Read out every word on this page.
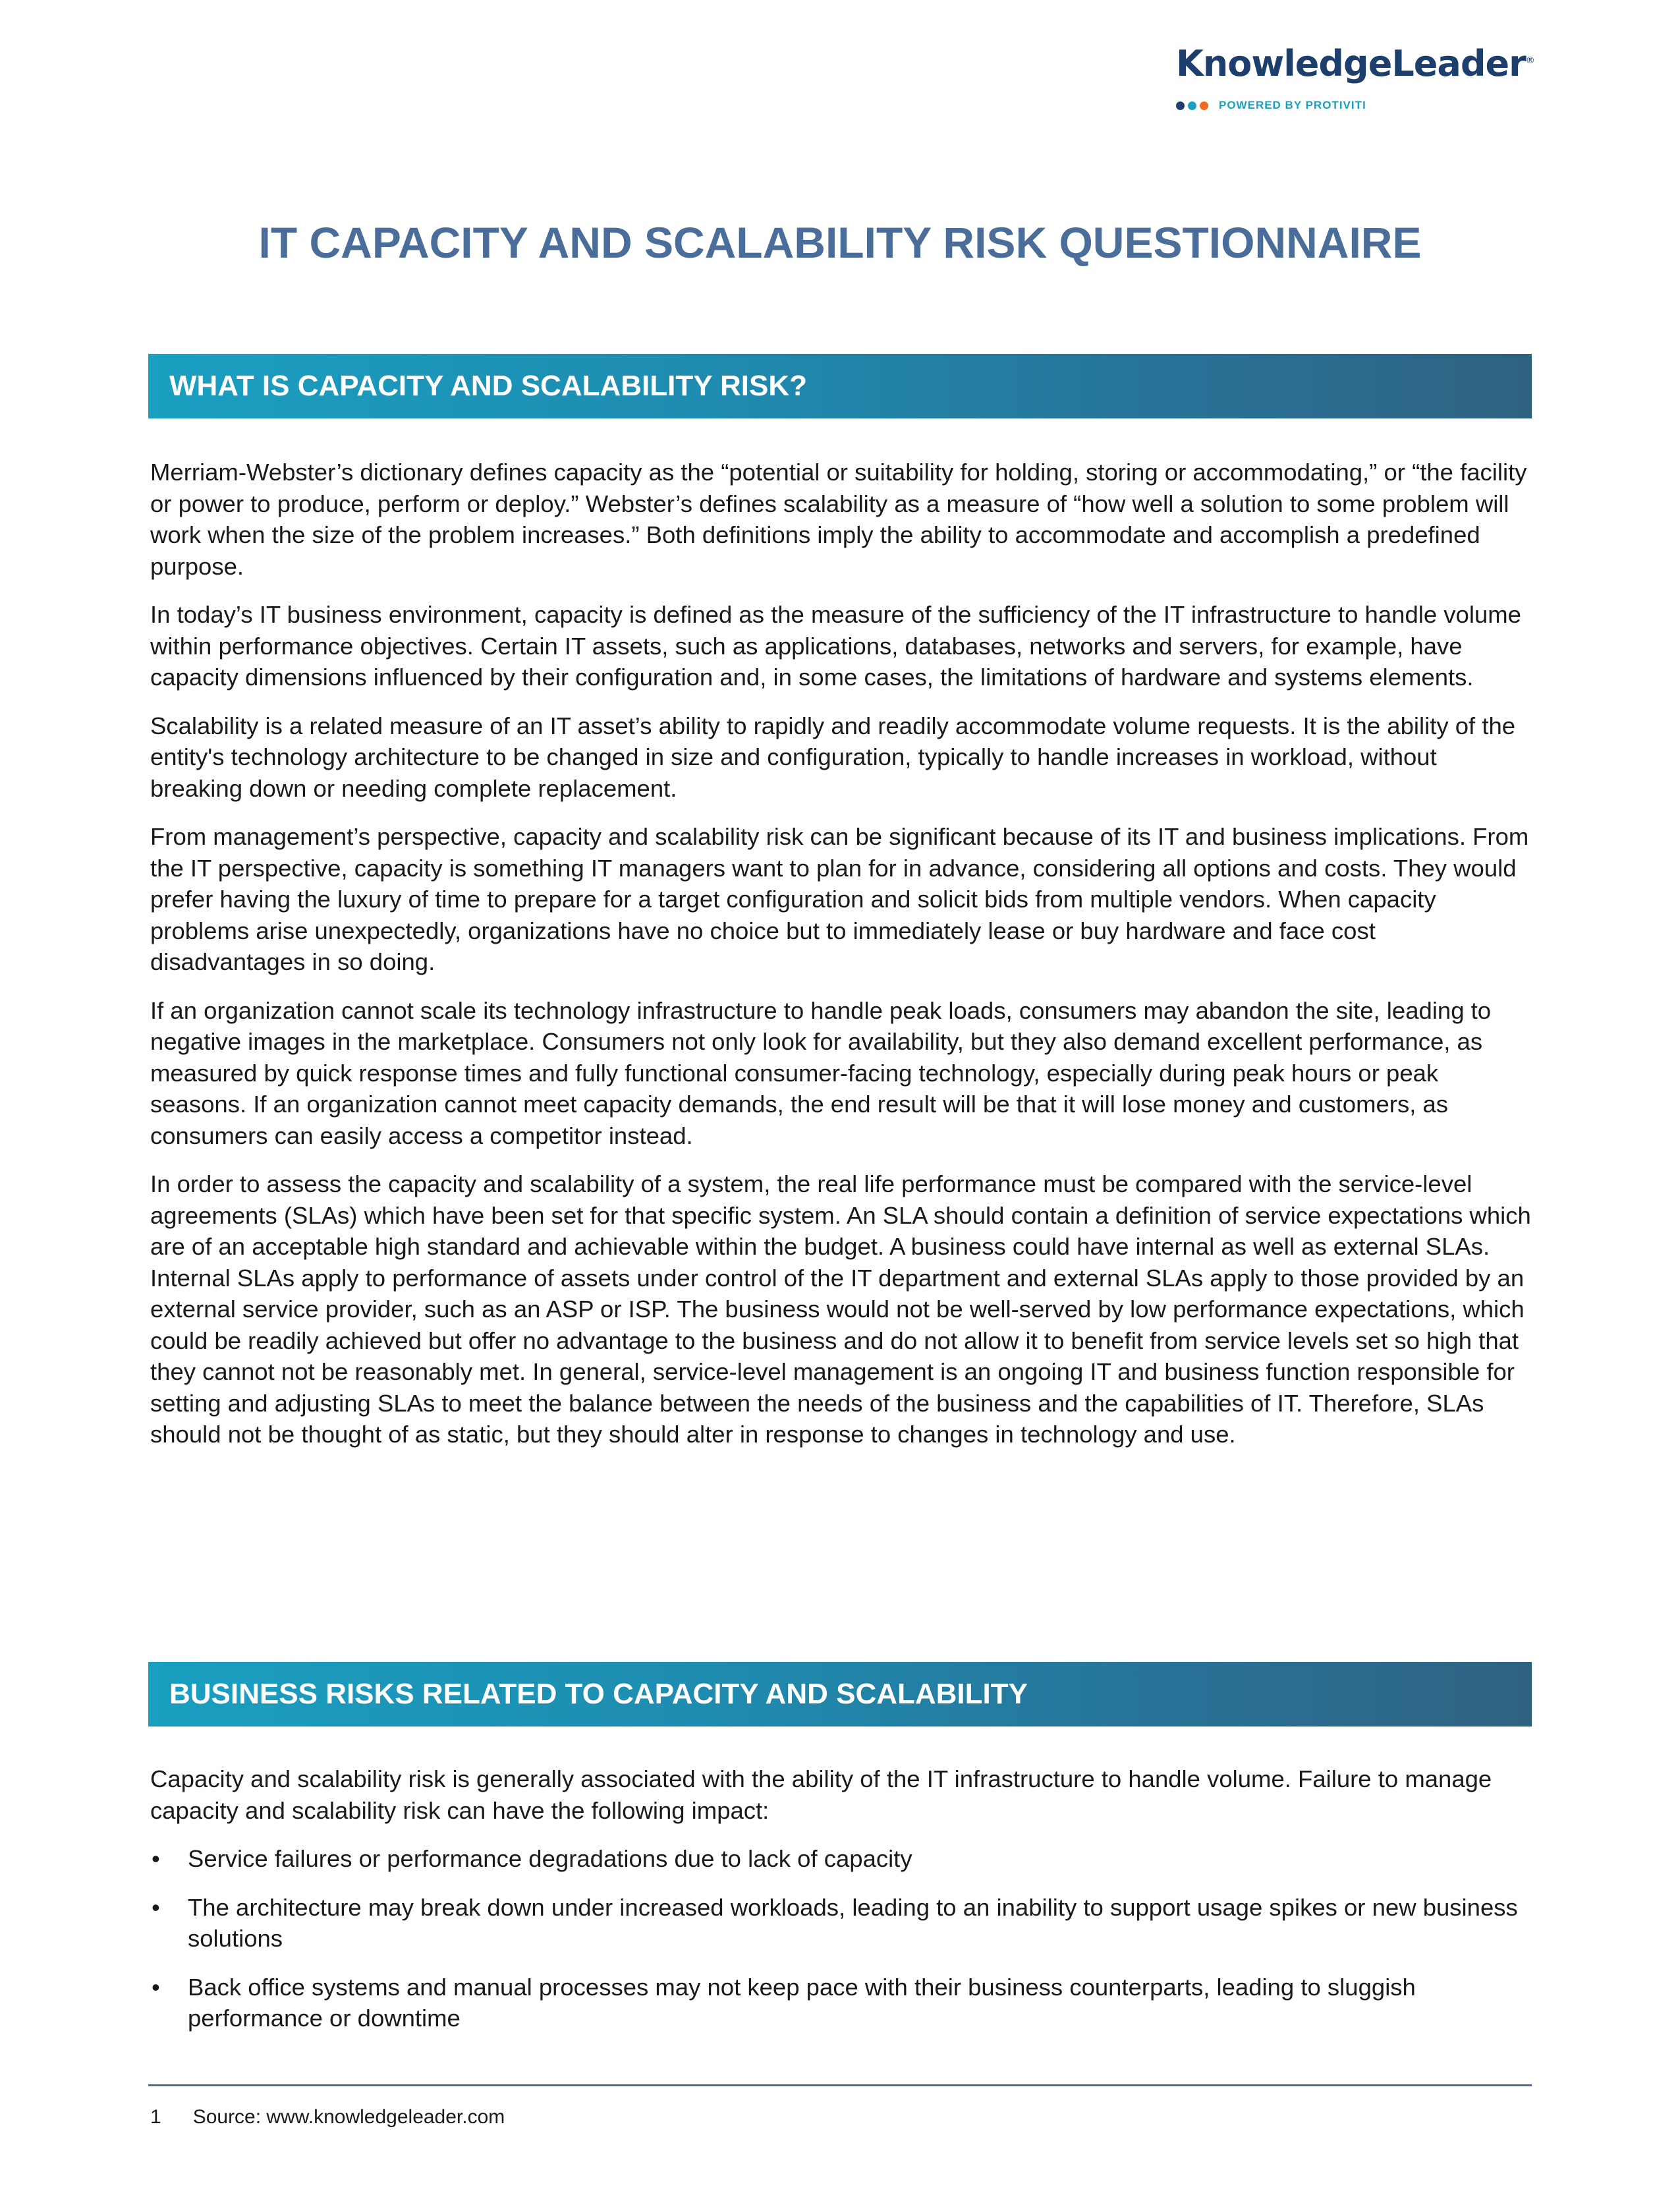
KnowledgeLeader®
POWERED BY PROTIVITI
IT CAPACITY AND SCALABILITY RISK QUESTIONNAIRE
WHAT IS CAPACITY AND SCALABILITY RISK?

Merriam-Webster’s dictionary defines capacity as the “potential or suitability for holding, storing or accommodating,” or “the facility or power to produce, perform or deploy.” Webster’s defines scalability as a measure of “how well a solution to some problem will work when the size of the problem increases.” Both definitions imply the ability to accommodate and accomplish a predefined purpose.

In today’s IT business environment, capacity is defined as the measure of the sufficiency of the IT infrastructure to handle volume within performance objectives. Certain IT assets, such as applications, databases, networks and servers, for example, have capacity dimensions influenced by their configuration and, in some cases, the limitations of hardware and systems elements.

Scalability is a related measure of an IT asset’s ability to rapidly and readily accommodate volume requests. It is the ability of the entity's technology architecture to be changed in size and configuration, typically to handle increases in workload, without breaking down or needing complete replacement.

From management’s perspective, capacity and scalability risk can be significant because of its IT and business implications. From the IT perspective, capacity is something IT managers want to plan for in advance, considering all options and costs. They would prefer having the luxury of time to prepare for a target configuration and solicit bids from multiple vendors. When capacity problems arise unexpectedly, organizations have no choice but to immediately lease or buy hardware and face cost disadvantages in so doing.

If an organization cannot scale its technology infrastructure to handle peak loads, consumers may abandon the site, leading to negative images in the marketplace. Consumers not only look for availability, but they also demand excellent performance, as measured by quick response times and fully functional consumer-facing technology, especially during peak hours or peak seasons. If an organization cannot meet capacity demands, the end result will be that it will lose money and customers, as consumers can easily access a competitor instead.

In order to assess the capacity and scalability of a system, the real life performance must be compared with the service-level agreements (SLAs) which have been set for that specific system. An SLA should contain a definition of service expectations which are of an acceptable high standard and achievable within the budget. A business could have internal as well as external SLAs. Internal SLAs apply to performance of assets under control of the IT department and external SLAs apply to those provided by an external service provider, such as an ASP or ISP. The business would not be well-served by low performance expectations, which could be readily achieved but offer no advantage to the business and do not allow it to benefit from service levels set so high that they cannot not be reasonably met. In general, service-level management is an ongoing IT and business function responsible for setting and adjusting SLAs to meet the balance between the needs of the business and the capabilities of IT. Therefore, SLAs should not be thought of as static, but they should alter in response to changes in technology and use.

BUSINESS RISKS RELATED TO CAPACITY AND SCALABILITY

Capacity and scalability risk is generally associated with the ability of the IT infrastructure to handle volume. Failure to manage capacity and scalability risk can have the following impact:

• Service failures or performance degradations due to lack of capacity
• The architecture may break down under increased workloads, leading to an inability to support usage spikes or new business solutions
• Back office systems and manual processes may not keep pace with their business counterparts, leading to sluggish performance or downtime
1 Source: www.knowledgeleader.com
